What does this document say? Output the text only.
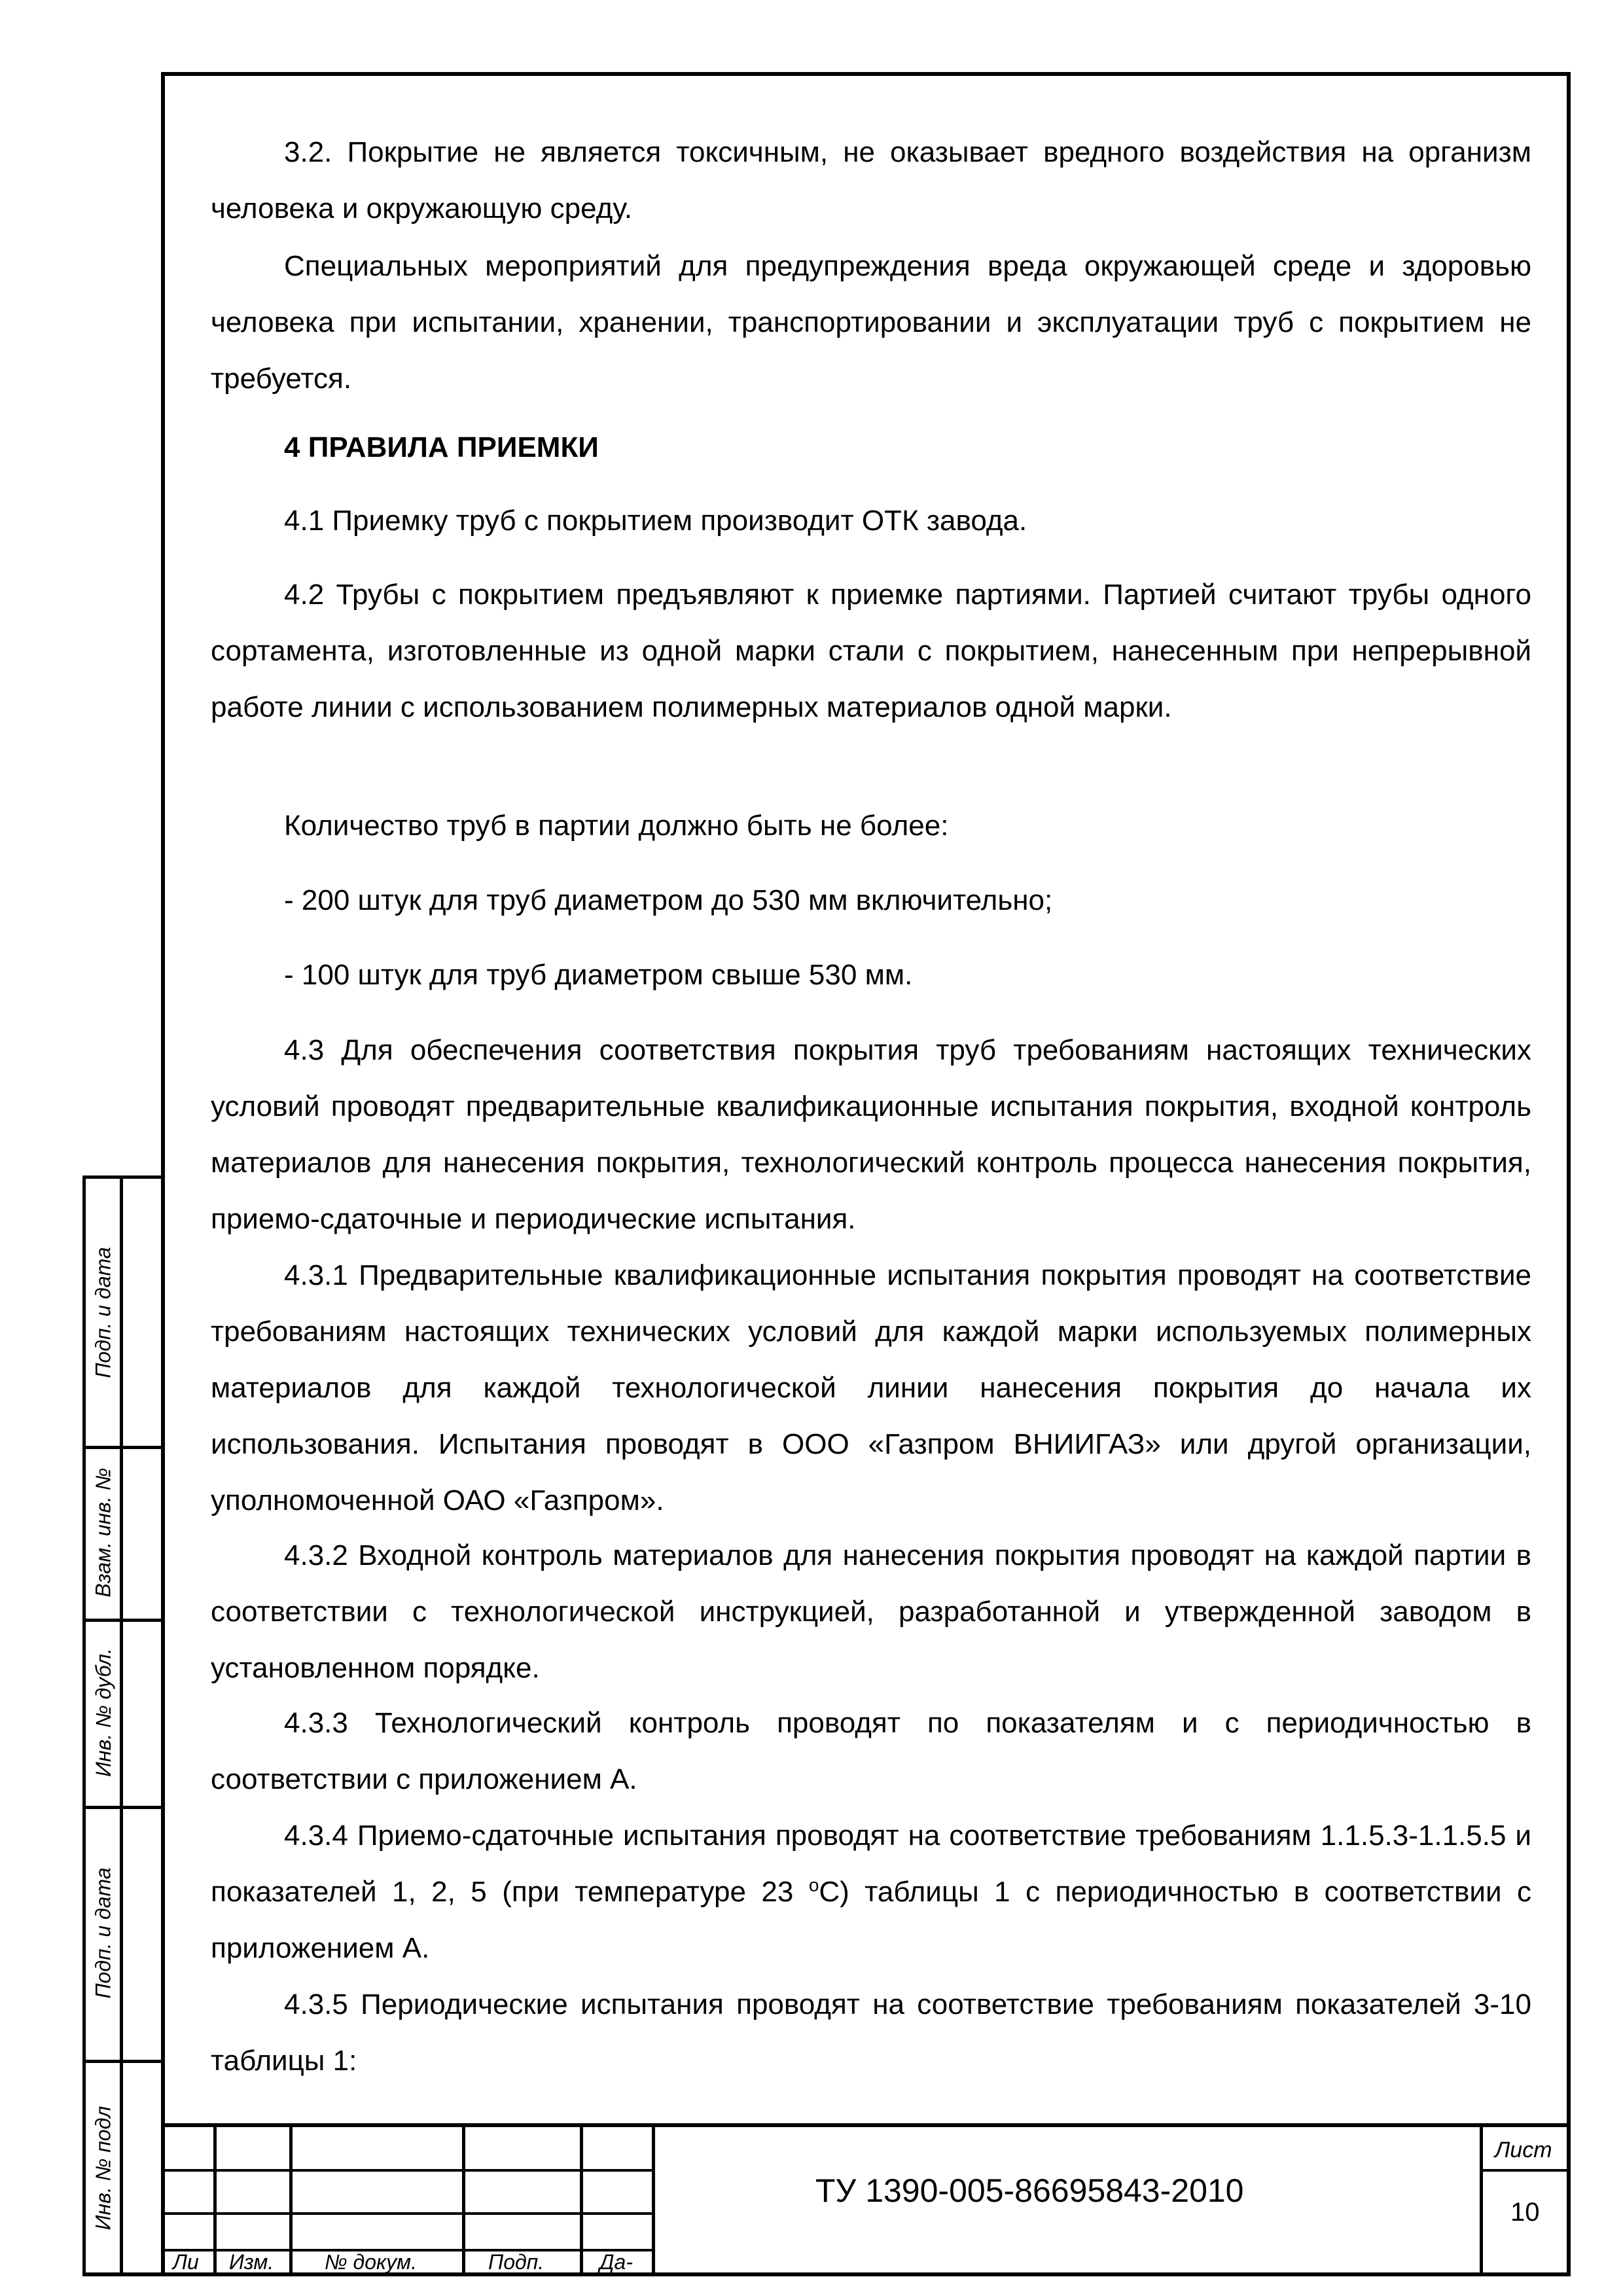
Подп. и дата
Взам. инв. №
Инв. № дубл.
Подп. и дата
Инв. № подл

3.2. Покрытие не является токсичным, не оказывает вредного воздействия на организм человека и окружающую среду.

Специальных мероприятий для предупреждения вреда окружающей среде и здоровью человека при испытании, хранении, транспортировании и эксплуатации труб с покрытием не требуется.

4 ПРАВИЛА ПРИЕМКИ

4.1 Приемку труб с покрытием производит ОТК завода.

4.2 Трубы с покрытием предъявляют к приемке партиями. Партией считают трубы одного сортамента, изготовленные из одной марки стали с покрытием, нанесенным при непрерывной работе линии с использованием полимерных материалов одной марки.

Количество труб в партии должно быть не более:

- 200 штук для труб диаметром до 530 мм включительно;

- 100 штук для труб диаметром свыше 530 мм.

4.3 Для обеспечения соответствия покрытия труб требованиям настоящих технических условий проводят предварительные квалификационные испытания покрытия, входной контроль материалов для нанесения покрытия, технологический контроль процесса нанесения покрытия, приемо-сдаточные и периодические испытания.

4.3.1 Предварительные квалификационные испытания покрытия проводят на соответствие требованиям настоящих технических условий для каждой марки используемых полимерных материалов для каждой технологической линии нанесения покрытия до начала их использования. Испытания проводят в ООО «Газпром ВНИИГАЗ» или другой организации, уполномоченной ОАО «Газпром».

4.3.2 Входной контроль материалов для нанесения покрытия проводят на каждой партии в соответствии с технологической инструкцией, разработанной и утвержденной заводом в установленном порядке.

4.3.3 Технологический контроль проводят по показателям и с периодичностью в соответствии с приложением А.

4.3.4 Приемо-сдаточные испытания проводят на соответствие требованиям 1.1.5.3-1.1.5.5 и показателей 1, 2, 5 (при температуре 23 $^о$С) таблицы 1 с периодичностью в соответствии с приложением А.

4.3.5 Периодические испытания проводят на соответствие требованиям показателей 3-10 таблицы 1:

Ли Изм. № докум.	Подп.	Да-
ТУ 1390-005-86695843-2010
Лист
10
